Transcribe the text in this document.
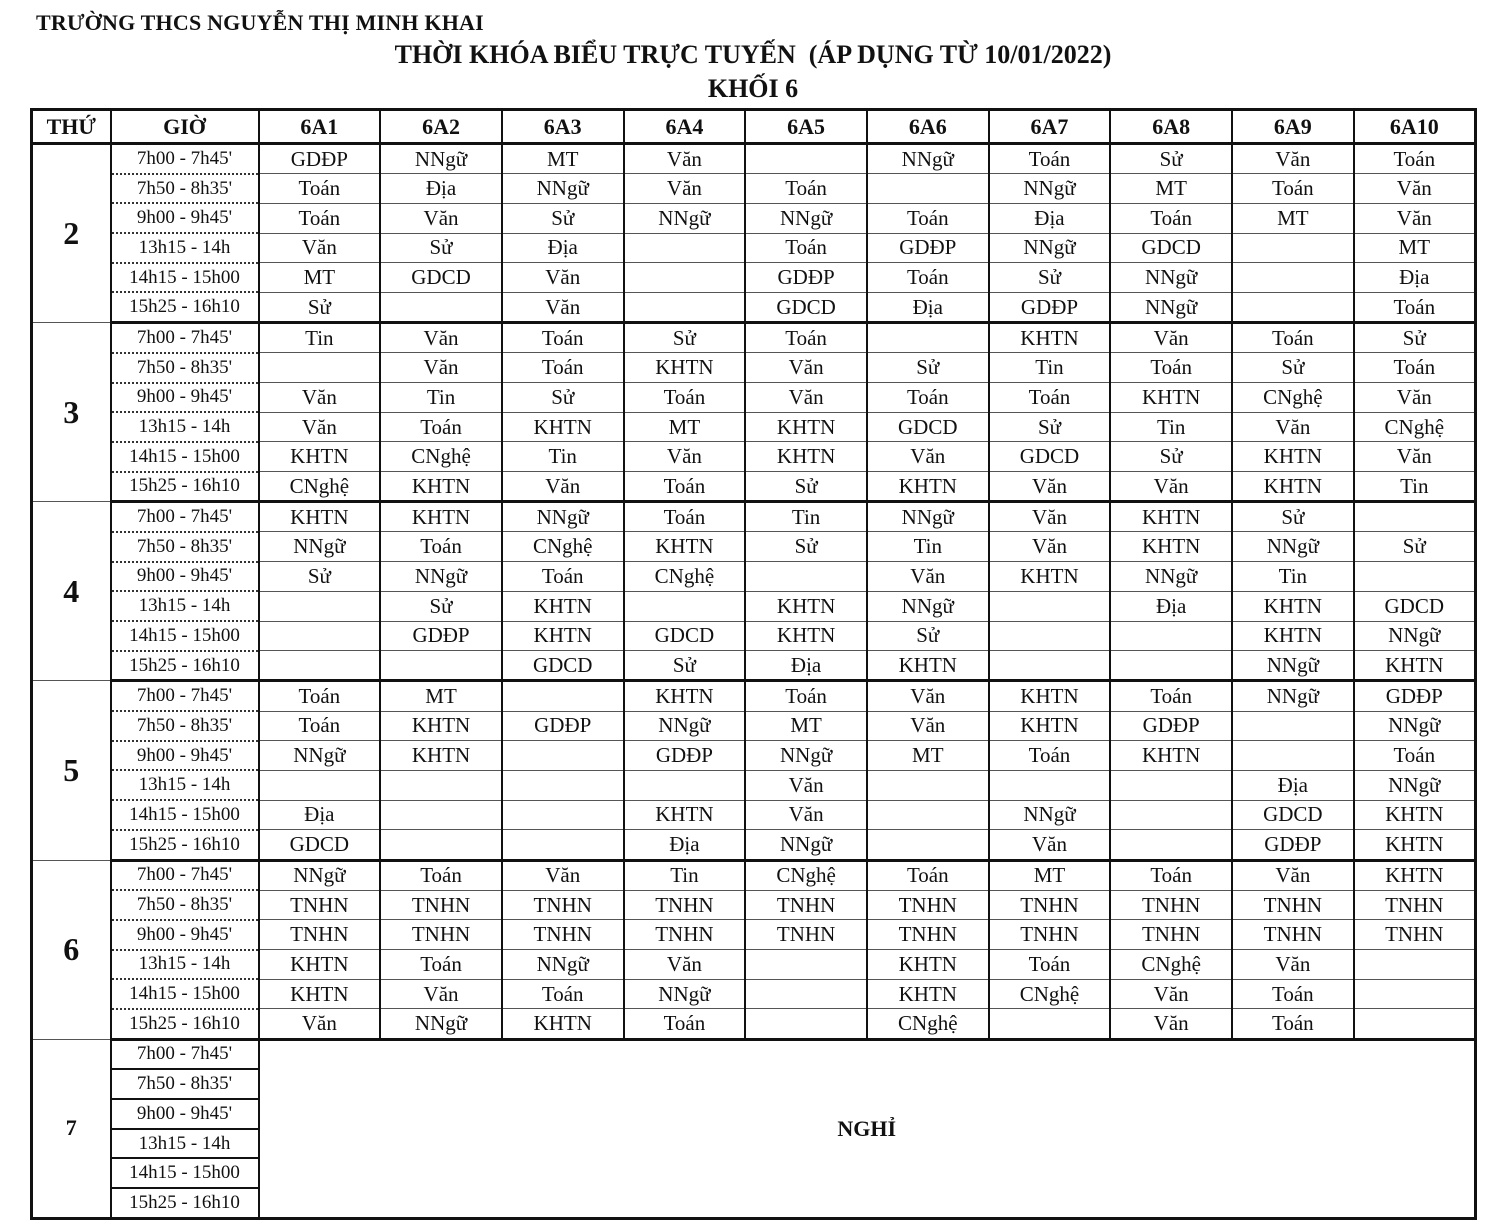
TRƯỜNG THCS NGUYỄN THỊ MINH KHAI
THỜI KHÓA BIỂU TRỰC TUYẾN  (ÁP DỤNG TỪ 10/01/2022)
KHỐI 6
THỨ	GIỜ	6A1	6A2	6A3	6A4	6A5	6A6	6A7	6A8	6A9	6A10
2	7h00 - 7h45'	GDĐP	NNgữ	MT	Văn		NNgữ	Toán	Sử	Văn	Toán
	7h50 - 8h35'	Toán	Địa	NNgữ	Văn	Toán		NNgữ	MT	Toán	Văn
	9h00 - 9h45'	Toán	Văn	Sử	NNgữ	NNgữ	Toán	Địa	Toán	MT	Văn
	13h15 - 14h	Văn	Sử	Địa		Toán	GDĐP	NNgữ	GDCD		MT
	14h15 - 15h00	MT	GDCD	Văn		GDĐP	Toán	Sử	NNgữ		Địa
	15h25 - 16h10	Sử		Văn		GDCD	Địa	GDĐP	NNgữ		Toán
3	7h00 - 7h45'	Tin	Văn	Toán	Sử	Toán		KHTN	Văn	Toán	Sử
	7h50 - 8h35'		Văn	Toán	KHTN	Văn	Sử	Tin	Toán	Sử	Toán
	9h00 - 9h45'	Văn	Tin	Sử	Toán	Văn	Toán	Toán	KHTN	CNghệ	Văn
	13h15 - 14h	Văn	Toán	KHTN	MT	KHTN	GDCD	Sử	Tin	Văn	CNghệ
	14h15 - 15h00	KHTN	CNghệ	Tin	Văn	KHTN	Văn	GDCD	Sử	KHTN	Văn
	15h25 - 16h10	CNghệ	KHTN	Văn	Toán	Sử	KHTN	Văn	Văn	KHTN	Tin
4	7h00 - 7h45'	KHTN	KHTN	NNgữ	Toán	Tin	NNgữ	Văn	KHTN	Sử	
	7h50 - 8h35'	NNgữ	Toán	CNghệ	KHTN	Sử	Tin	Văn	KHTN	NNgữ	Sử
	9h00 - 9h45'	Sử	NNgữ	Toán	CNghệ		Văn	KHTN	NNgữ	Tin	
	13h15 - 14h		Sử	KHTN		KHTN	NNgữ		Địa	KHTN	GDCD
	14h15 - 15h00		GDĐP	KHTN	GDCD	KHTN	Sử			KHTN	NNgữ
	15h25 - 16h10			GDCD	Sử	Địa	KHTN			NNgữ	KHTN
5	7h00 - 7h45'	Toán	MT		KHTN	Toán	Văn	KHTN	Toán	NNgữ	GDĐP
	7h50 - 8h35'	Toán	KHTN	GDĐP	NNgữ	MT	Văn	KHTN	GDĐP		NNgữ
	9h00 - 9h45'	NNgữ	KHTN		GDĐP	NNgữ	MT	Toán	KHTN		Toán
	13h15 - 14h					Văn				Địa	NNgữ
	14h15 - 15h00	Địa			KHTN	Văn		NNgữ		GDCD	KHTN
	15h25 - 16h10	GDCD			Địa	NNgữ		Văn		GDĐP	KHTN
6	7h00 - 7h45'	NNgữ	Toán	Văn	Tin	CNghệ	Toán	MT	Toán	Văn	KHTN
	7h50 - 8h35'	TNHN	TNHN	TNHN	TNHN	TNHN	TNHN	TNHN	TNHN	TNHN	TNHN
	9h00 - 9h45'	TNHN	TNHN	TNHN	TNHN	TNHN	TNHN	TNHN	TNHN	TNHN	TNHN
	13h15 - 14h	KHTN	Toán	NNgữ	Văn		KHTN	Toán	CNghệ	Văn	
	14h15 - 15h00	KHTN	Văn	Toán	NNgữ		KHTN	CNghệ	Văn	Toán	
	15h25 - 16h10	Văn	NNgữ	KHTN	Toán		CNghệ		Văn	Toán	
7	7h00 - 7h45'	NGHỈ									
	7h50 - 8h35'										
	9h00 - 9h45'										
	13h15 - 14h										
	14h15 - 15h00										
	15h25 - 16h10										
